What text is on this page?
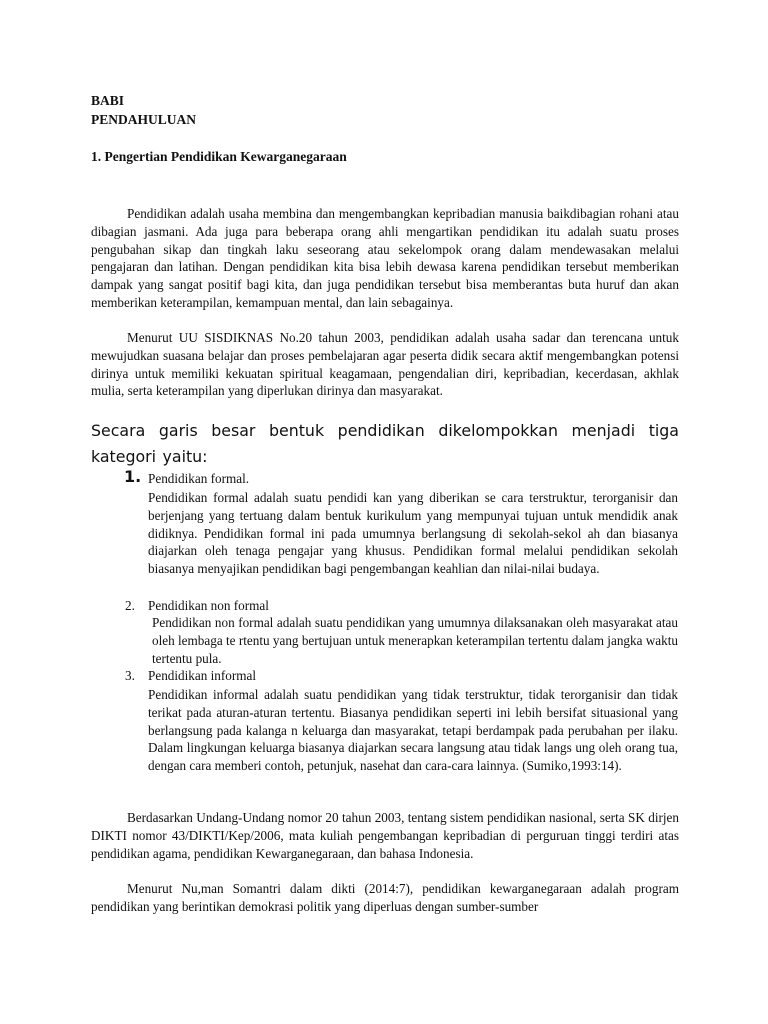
BABI
PENDAHULUAN
1. Pengertian Pendidikan Kewarganegaraan
Pendidikan adalah usaha membina dan mengembangkan kepribadian manusia baikdibagian rohani atau dibagian jasmani. Ada juga para beberapa orang ahli mengartikan pendidikan itu adalah suatu proses pengubahan sikap dan tingkah laku seseorang atau sekelompok orang dalam mendewasakan melalui pengajaran dan latihan. Dengan pendidikan kita bisa lebih dewasa karena pendidikan tersebut memberikan dampak yang sangat positif bagi kita, dan juga pendidikan tersebut bisa memberantas buta huruf dan akan memberikan keterampilan, kemampuan mental, dan lain sebagainya.
Menurut UU SISDIKNAS No.20 tahun 2003, pendidikan adalah usaha sadar dan terencana untuk mewujudkan suasana belajar dan proses pembelajaran agar peserta didik secara aktif mengembangkan potensi dirinya untuk memiliki kekuatan spiritual keagamaan, pengendalian diri, kepribadian, kecerdasan, akhlak mulia, serta keterampilan yang diperlukan dirinya dan masyarakat.
Secara garis besar bentuk pendidikan dikelompokkan menjadi tiga kategori yaitu:
1. Pendidikan formal.
Pendidikan formal adalah suatu pendidi kan yang diberikan se cara terstruktur, terorganisir dan berjenjang yang tertuang dalam bentuk kurikulum yang mempunyai tujuan untuk mendidik anak didiknya. Pendidikan formal ini pada umumnya berlangsung di sekolah-sekol ah dan biasanya diajarkan oleh tenaga pengajar yang khusus. Pendidikan formal melalui pendidikan sekolah biasanya menyajikan pendidikan bagi pengembangan keahlian dan nilai-nilai budaya.
2. Pendidikan non formal
Pendidikan non formal adalah suatu pendidikan yang umumnya dilaksanakan oleh masyarakat atau oleh lembaga te rtentu yang bertujuan untuk menerapkan keterampilan tertentu dalam jangka waktu tertentu pula.
3. Pendidikan informal
Pendidikan informal adalah suatu pendidikan yang tidak terstruktur, tidak terorganisir dan tidak terikat pada aturan-aturan tertentu. Biasanya pendidikan seperti ini lebih bersifat situasional yang berlangsung pada kalanga n keluarga dan masyarakat, tetapi berdampak pada perubahan per ilaku. Dalam lingkungan keluarga biasanya diajarkan secara langsung atau tidak langs ung oleh orang tua, dengan cara memberi contoh, petunjuk, nasehat dan cara-cara lainnya. (Sumiko,1993:14).
Berdasarkan Undang-Undang nomor 20 tahun 2003, tentang sistem pendidikan nasional, serta SK dirjen DIKTI nomor 43/DIKTI/Kep/2006, mata kuliah pengembangan kepribadian di perguruan tinggi terdiri atas pendidikan agama, pendidikan Kewarganegaraan, dan bahasa Indonesia.
Menurut Nu,man Somantri dalam dikti (2014:7), pendidikan kewarganegaraan adalah program pendidikan yang berintikan demokrasi politik yang diperluas dengan sumber-sumber
